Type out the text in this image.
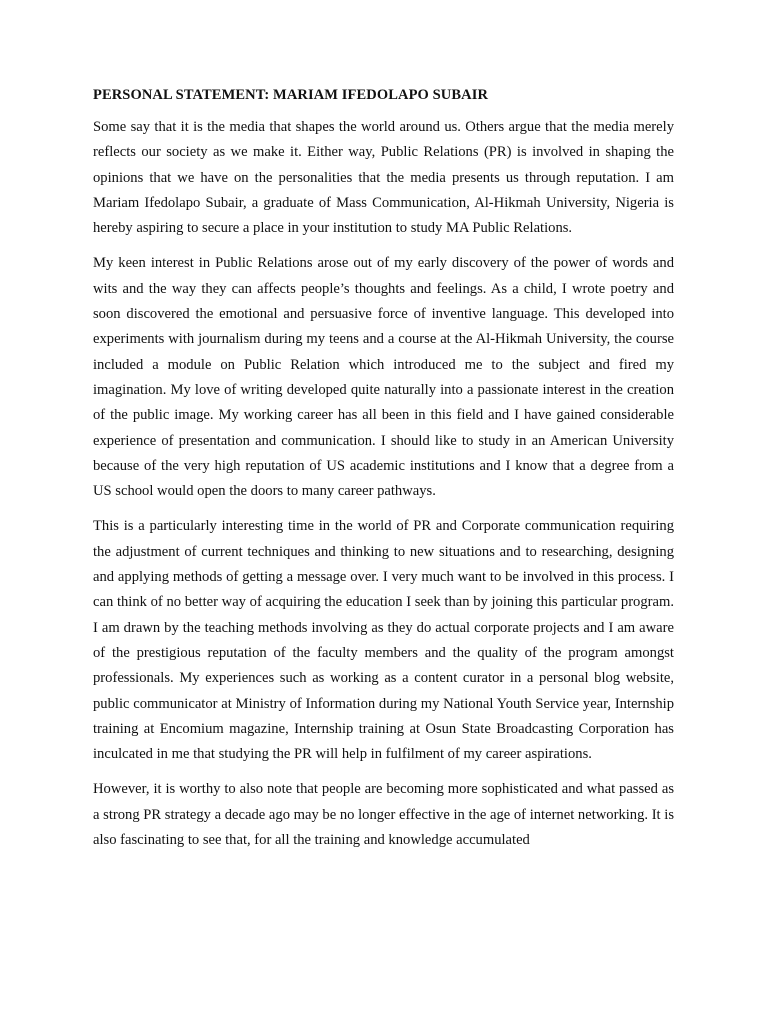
PERSONAL STATEMENT: MARIAM IFEDOLAPO SUBAIR

Some say that it is the media that shapes the world around us. Others argue that the media merely reflects our society as we make it. Either way, Public Relations (PR) is involved in shaping the opinions that we have on the personalities that the media presents us through reputation. I am Mariam Ifedolapo Subair, a graduate of Mass Communication, Al-Hikmah University, Nigeria is hereby aspiring to secure a place in your institution to study MA Public Relations.

My keen interest in Public Relations arose out of my early discovery of the power of words and wits and the way they can affects people’s thoughts and feelings. As a child, I wrote poetry and soon discovered the emotional and persuasive force of inventive language. This developed into experiments with journalism during my teens and a course at the Al-Hikmah University, the course included a module on Public Relation which introduced me to the subject and fired my imagination. My love of writing developed quite naturally into a passionate interest in the creation of the public image. My working career has all been in this field and I have gained considerable experience of presentation and communication. I should like to study in an American University because of the very high reputation of US academic institutions and I know that a degree from a US school would open the doors to many career pathways.

This is a particularly interesting time in the world of PR and Corporate communication requiring the adjustment of current techniques and thinking to new situations and to researching, designing and applying methods of getting a message over. I very much want to be involved in this process. I can think of no better way of acquiring the education I seek than by joining this particular program. I am drawn by the teaching methods involving as they do actual corporate projects and I am aware of the prestigious reputation of the faculty members and the quality of the program amongst professionals. My experiences such as working as a content curator in a personal blog website, public communicator at Ministry of Information during my National Youth Service year, Internship training at Encomium magazine, Internship training at Osun State Broadcasting Corporation has inculcated in me that studying the PR will help in fulfilment of my career aspirations.

However, it is worthy to also note that people are becoming more sophisticated and what passed as a strong PR strategy a decade ago may be no longer effective in the age of internet networking. It is also fascinating to see that, for all the training and knowledge accumulated
